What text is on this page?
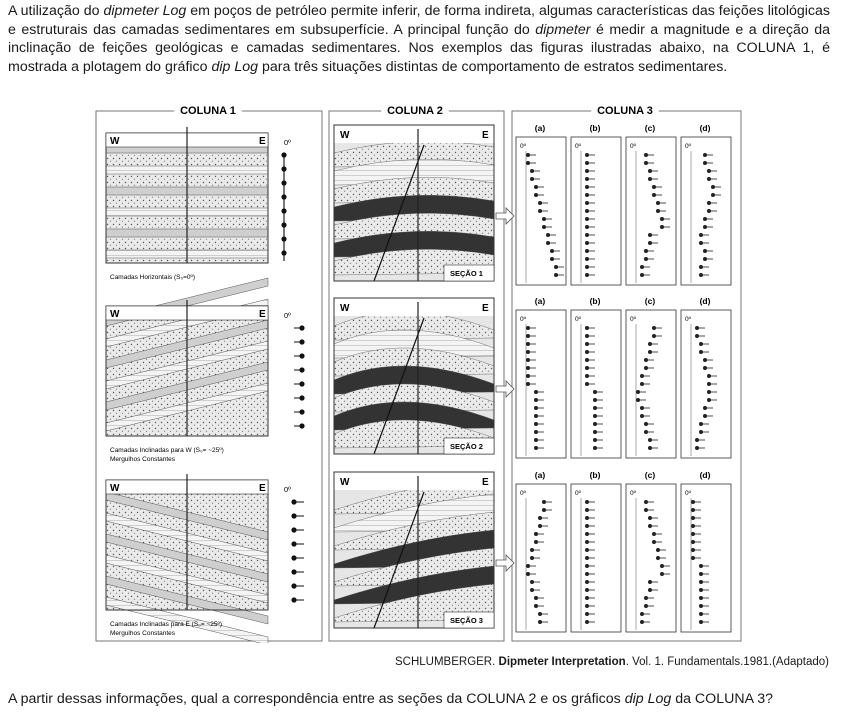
A utilização do dipmeter Log em poços de petróleo permite inferir, de forma indireta, algumas características das feições litológicas e estruturais das camadas sedimentares em subsuperfície. A principal função do dipmeter é medir a magnitude e a direção da inclinação de feições geológicas e camadas sedimentares. Nos exemplos das figuras ilustradas abaixo, na COLUNA 1, é mostrada a plotagem do gráfico dip Log para três situações distintas de comportamento de estratos sedimentares.

COLUNA 1	COLUNA 2	COLUNA 3
W	E 0º
Camadas Horizontais (S₀=0º)
W	E 0º
Camadas Inclinadas para W (S₀= ~25º)
Mergulhos Constantes
W	E 0º
Camadas Inclinadas para E (S₀= ~25º)
Mergulhos Constantes
W	E
SEÇÃO 1
W	E
SEÇÃO 2
W	E
SEÇÃO 3
(a)
0º
(b)
0º
(c)
0º
(d)
0º
(a)
0º
(b)
0º
(c)
0º
(d)
0º
(a)
0º
(b)
0º
(c)
0º
(d)
0º

SCHLUMBERGER. Dipmeter Interpretation. Vol. 1. Fundamentals.1981.(Adaptado)

A partir dessas informações, qual a correspondência entre as seções da COLUNA 2 e os gráficos dip Log da COLUNA 3?
